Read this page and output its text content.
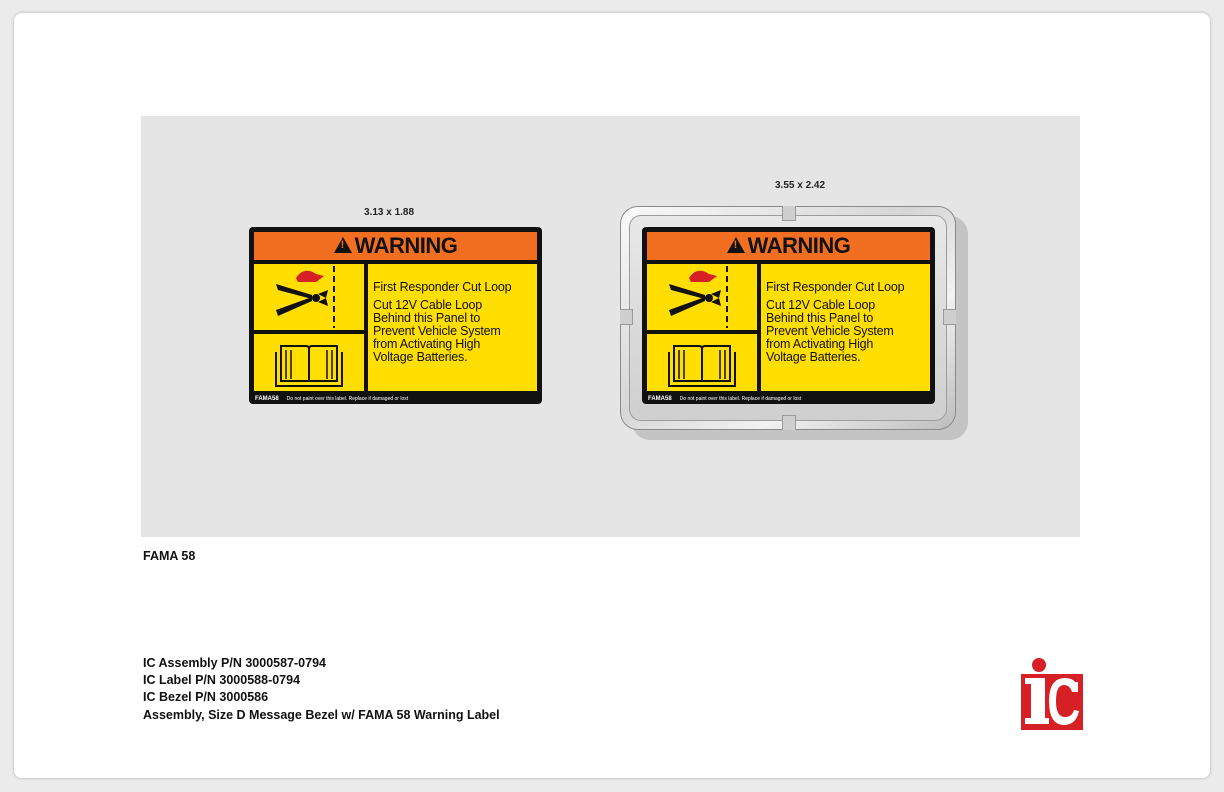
3.13 x 1.88
!
WARNING
First Responder Cut Loop
Cut 12V Cable Loop
Behind this Panel to
Prevent Vehicle System
from Activating High
Voltage Batteries.
FAMA58 Do not paint over this label. Replace if damaged or lost
3.55 x 2.42
!
WARNING
First Responder Cut Loop
Cut 12V Cable Loop
Behind this Panel to
Prevent Vehicle System
from Activating High
Voltage Batteries.
FAMA58 Do not paint over this label. Replace if damaged or lost
FAMA 58
IC Assembly P/N 3000587-0794
IC Label P/N 3000588-0794
IC Bezel P/N 3000586
Assembly, Size D Message Bezel w/ FAMA 58 Warning Label
